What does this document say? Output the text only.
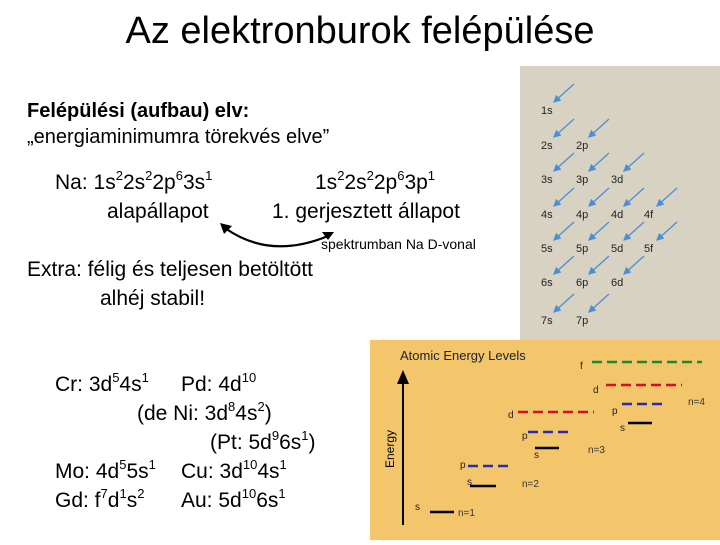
Az elektronburok felépülése
Felépülési (aufbau) elv:
„energiaminimumra törekvés elve”
Na: $1s^22s^22p^63s^1$
alapállapot
$1s^22s^22p^63p^1$
1. gerjesztett állapot
spektrumban Na D-vonal
Extra: félig és teljesen betöltött
alhéj stabil!
Cr: $3d^54s^1$ Pd: $4d^{10}$
(de Ni: $3d^84s^2$)
(Pt: $5d^96s^1$)
Mo: $4d^55s^1$ Cu: $3d^{10}4s^1$
Gd: $f^7d^1s^2$ Au: $5d^{10}6s^1$
1s
2s 2p
3s 3p 3d
4s 4p 4d 4f
5s 5p 5d 5f
6s 6p 6d
7s 7p
Atomic Energy Levels
Energy
s
s
p
s
p
d
s
p
d
f
n=1
n=2
n=3
n=4
